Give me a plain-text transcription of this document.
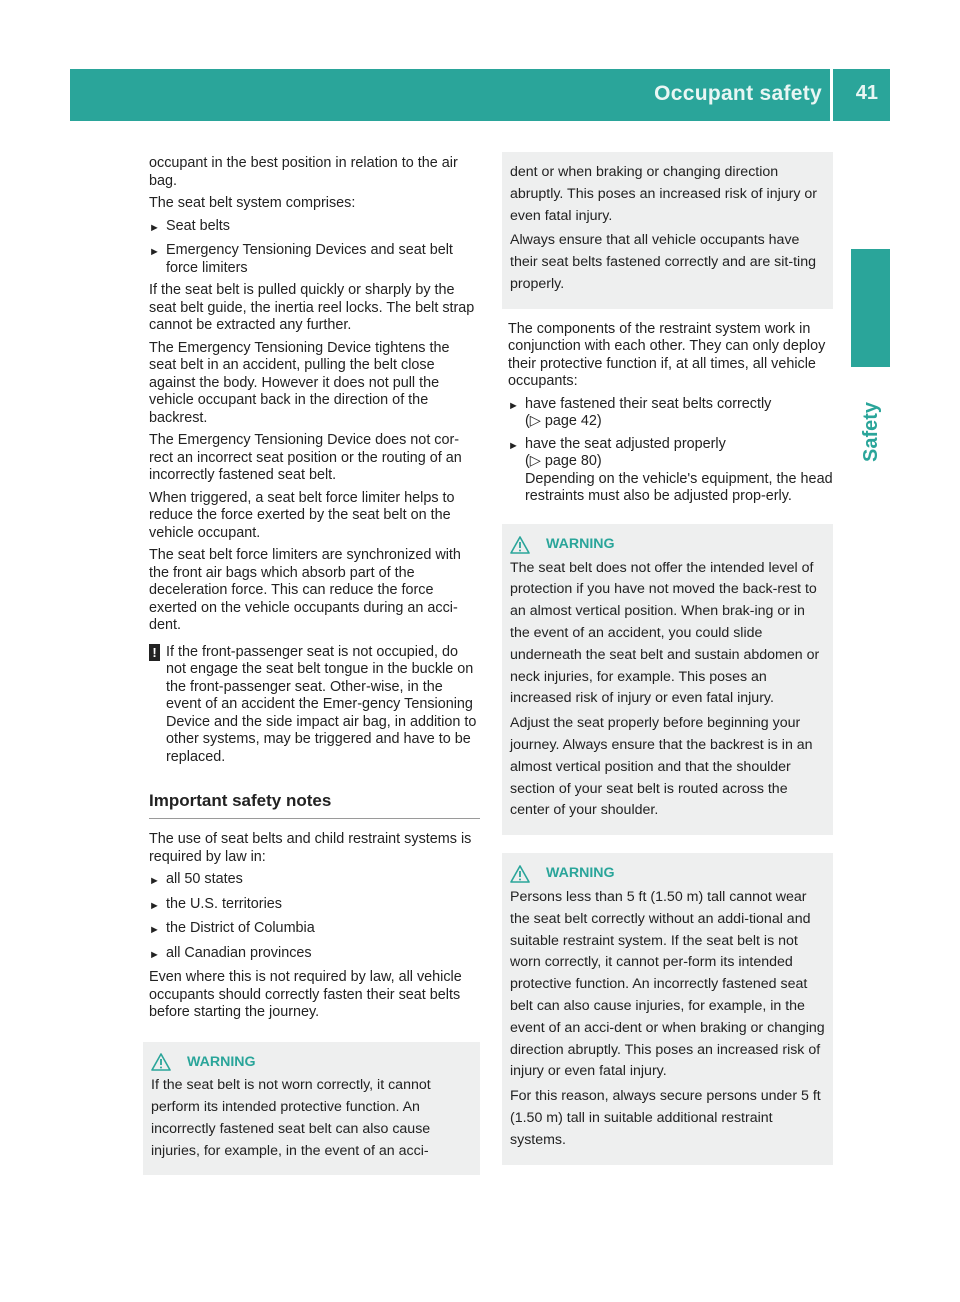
Occupant safety 41
Safety

occupant in the best position in relation to the air bag.

The seat belt system comprises:

► Seat belts
► Emergency Tensioning Devices and seat belt force limiters

If the seat belt is pulled quickly or sharply by the seat belt guide, the inertia reel locks. The belt strap cannot be extracted any further.

The Emergency Tensioning Device tightens the seat belt in an accident, pulling the belt close against the body. However it does not pull the vehicle occupant back in the direction of the backrest.

The Emergency Tensioning Device does not cor-rect an incorrect seat position or the routing of an incorrectly fastened seat belt.

When triggered, a seat belt force limiter helps to reduce the force exerted by the seat belt on the vehicle occupant.

The seat belt force limiters are synchronized with the front air bags which absorb part of the deceleration force. This can reduce the force exerted on the vehicle occupants during an acci-dent.

! If the front-passenger seat is not occupied, do not engage the seat belt tongue in the buckle on the front-passenger seat. Other-wise, in the event of an accident the Emer-gency Tensioning Device and the side impact air bag, in addition to other systems, may be triggered and have to be replaced.
Important safety notes

The use of seat belts and child restraint systems is required by law in:

► all 50 states
► the U.S. territories
► the District of Columbia
► all Canadian provinces

Even where this is not required by law, all vehicle occupants should correctly fasten their seat belts before starting the journey.

WARNING

If the seat belt is not worn correctly, it cannot perform its intended protective function. An incorrectly fastened seat belt can also cause injuries, for example, in the event of an acci-

dent or when braking or changing direction abruptly. This poses an increased risk of injury or even fatal injury.

Always ensure that all vehicle occupants have their seat belts fastened correctly and are sit-ting properly.

The components of the restraint system work in conjunction with each other. They can only deploy their protective function if, at all times, all vehicle occupants:

► have fastened their seat belts correctly
(▷ page 42)
► have the seat adjusted properly
(▷ page 80)
Depending on the vehicle's equipment, the head restraints must also be adjusted prop-erly.
WARNING

The seat belt does not offer the intended level of protection if you have not moved the back-rest to an almost vertical position. When brak-ing or in the event of an accident, you could slide underneath the seat belt and sustain abdomen or neck injuries, for example. This poses an increased risk of injury or even fatal injury.

Adjust the seat properly before beginning your journey. Always ensure that the backrest is in an almost vertical position and that the shoulder section of your seat belt is routed across the center of your shoulder.

WARNING

Persons less than 5 ft (1.50 m) tall cannot wear the seat belt correctly without an addi-tional and suitable restraint system. If the seat belt is not worn correctly, it cannot per-form its intended protective function. An incorrectly fastened seat belt can also cause injuries, for example, in the event of an acci-dent or when braking or changing direction abruptly. This poses an increased risk of injury or even fatal injury.

For this reason, always secure persons under 5 ft (1.50 m) tall in suitable additional restraint systems.
